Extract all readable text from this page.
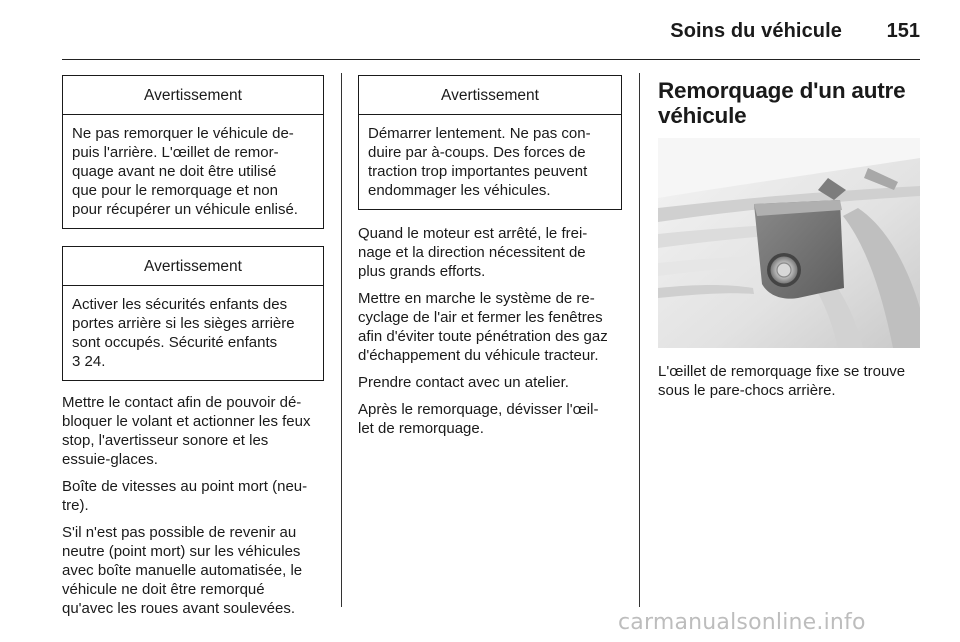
Soins du véhicule 151
Avertissement
Ne pas remorquer le véhicule de-
puis l'arrière. L'œillet de remor-
quage avant ne doit être utilisé
que pour le remorquage et non
pour récupérer un véhicule enlisé.
Avertissement
Activer les sécurités enfants des
portes arrière si les sièges arrière
sont occupés. Sécurité enfants
3 24.
Mettre le contact afin de pouvoir dé-
bloquer le volant et actionner les feux
stop, l'avertisseur sonore et les
essuie-glaces.
Boîte de vitesses au point mort (neu-
tre).
S'il n'est pas possible de revenir au
neutre (point mort) sur les véhicules
avec boîte manuelle automatisée, le
véhicule ne doit être remorqué
qu'avec les roues avant soulevées.
Avertissement
Démarrer lentement. Ne pas con-
duire par à-coups. Des forces de
traction trop importantes peuvent
endommager les véhicules.
Quand le moteur est arrêté, le frei-
nage et la direction nécessitent de
plus grands efforts.
Mettre en marche le système de re-
cyclage de l'air et fermer les fenêtres
afin d'éviter toute pénétration des gaz
d'échappement du véhicule tracteur.
Prendre contact avec un atelier.
Après le remorquage, dévisser l'œil-
let de remorquage.
Remorquage d'un autre
véhicule
L'œillet de remorquage fixe se trouve
sous le pare-chocs arrière.
carmanualsonline.info
